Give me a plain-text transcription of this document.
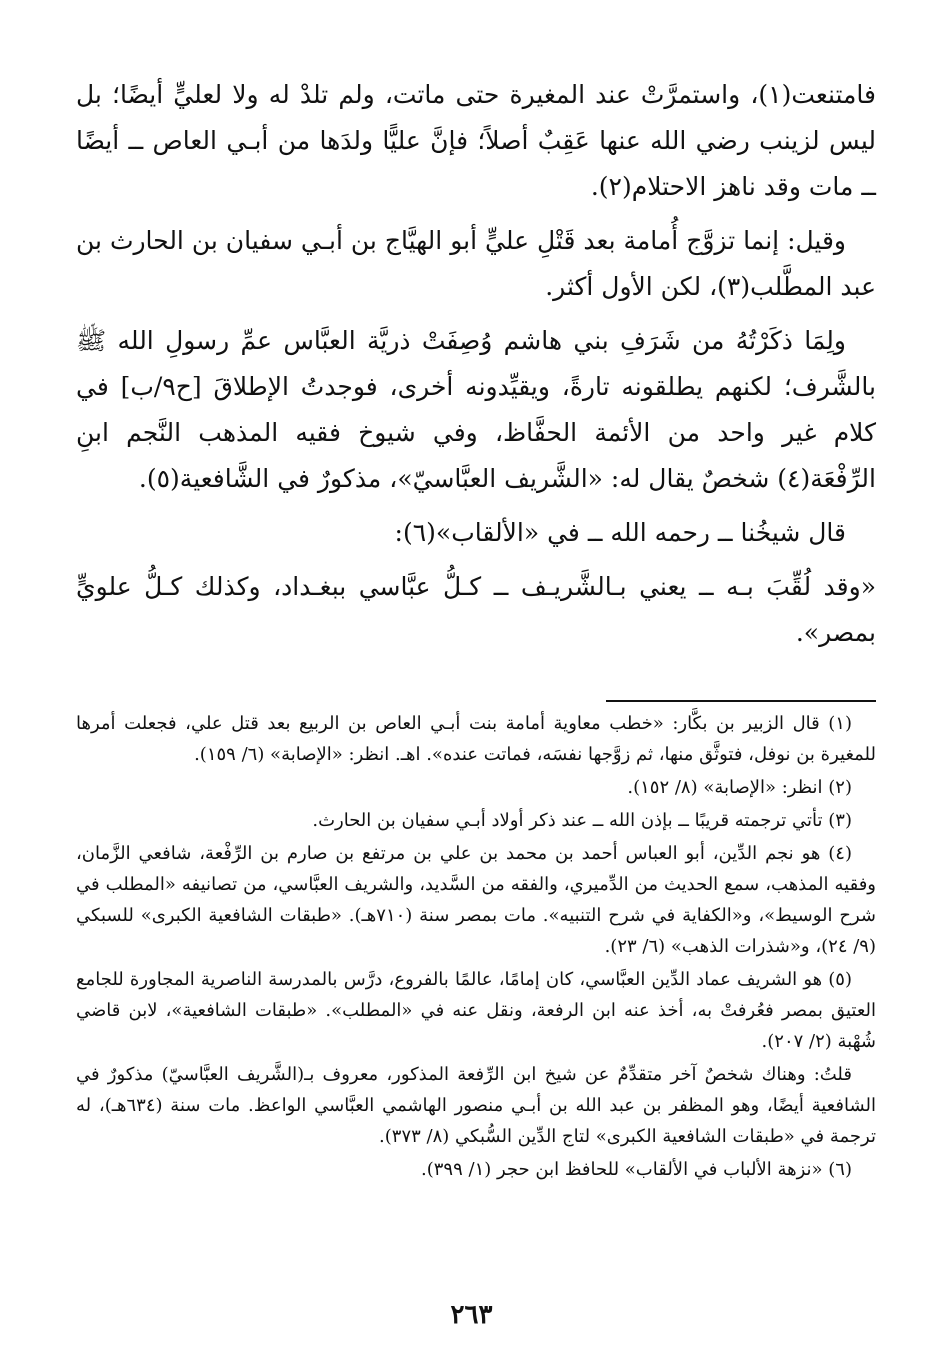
فامتنعت(١)، واستمرَّتْ عند المغيرة حتى ماتت، ولم تلدْ له ولا لعليٍّ أيضًا؛ بل ليس لزينب رضي الله عنها عَقِبٌ أصلاً؛ فإنَّ عليًّا ولدَها من أبـي العاص ــ أيضًا ــ مات وقد ناهز الاحتلام(٢).

وقيل: إنما تزوَّج أُمامة بعد قَتْلِ عليٍّ أبو الهيَّاج بن أبـي سفيان بن الحارث بن عبد المطَّلب(٣)، لكن الأول أكثر.

ولِمَا ذكَرْتُهُ من شَرَفِ بني هاشم وُصِفَتْ ذريَّة العبَّاس عمِّ رسولِ الله ﷺ بالشَّرف؛ لكنهم يطلقونه تارةً، ويقيِّدونه أخرى، فوجدتُ الإطلاقَ [ح٩/ب] في كلام غير واحد من الأئمة الحفَّاظ، وفي شيوخ فقيه المذهب النَّجم ابنِ الرِّفْعَة(٤) شخصٌ يقال له: «الشَّريف العبَّاسيّ»، مذكورٌ في الشَّافعية(٥).

قال شيخُنا ــ رحمه الله ــ في «الألقاب»(٦):

«وقد لُقِّبَ بـه ــ يعني بـالشَّريـف ــ كـلُّ عبَّاسي ببغـداد، وكذلك كـلُّ علويٍّ بمصر».

(١) قال الزبير بن بكَّار: «خطب معاوية أمامة بنت أبـي العاص بن الربيع بعد قتل علي، فجعلت أمرها للمغيرة بن نوفل، فتوثَّق منها، ثم زوَّجها نفسَه، فماتت عنده». اهـ. انظر: «الإصابة» (٦/ ١٥٩).

(٢) انظر: «الإصابة» (٨/ ١٥٢).

(٣) تأتي ترجمته قريبًا ــ بإذن الله ــ عند ذكر أولاد أبـي سفيان بن الحارث.

(٤) هو نجم الدِّين، أبو العباس أحمد بن محمد بن علي بن مرتفع بن صارم بن الرِّفْعة، شافعي الزَّمان، وفقيه المذهب، سمع الحديث من الدِّميري، والفقه من السَّديد، والشريف العبَّاسي، من تصانيفه «المطلب في شرح الوسيط»، و«الكفاية في شرح التنبيه». مات بمصر سنة (٧١٠هـ). «طبقات الشافعية الكبرى» للسبكي (٩/ ٢٤)، و«شذرات الذهب» (٦/ ٢٣).

(٥) هو الشريف عماد الدِّين العبَّاسي، كان إمامًا، عالمًا بالفروع، درَّس بالمدرسة الناصرية المجاورة للجامع العتيق بمصر فعُرفتْ به، أخذ عنه ابن الرفعة، ونقل عنه في «المطلب». «طبقات الشافعية»، لابن قاضي شُهْبة (٢/ ٢٠٧).

قلتُ: وهناك شخصٌ آخر متقدِّمٌ عن شيخ ابن الرِّفعة المذكور، معروف بـ(الشَّريف العبَّاسيّ) مذكورٌ في الشافعية أيضًا، وهو المظفر بن عبد الله بن أبـي منصور الهاشمي العبَّاسي الواعظ. مات سنة (٦٣٤هـ)، له ترجمة في «طبقات الشافعية الكبرى» لتاج الدِّين السُّبكي (٨/ ٣٧٣).

(٦) «نزهة الألباب في الألقاب» للحافظ ابن حجر (١/ ٣٩٩).

٢٦٣
